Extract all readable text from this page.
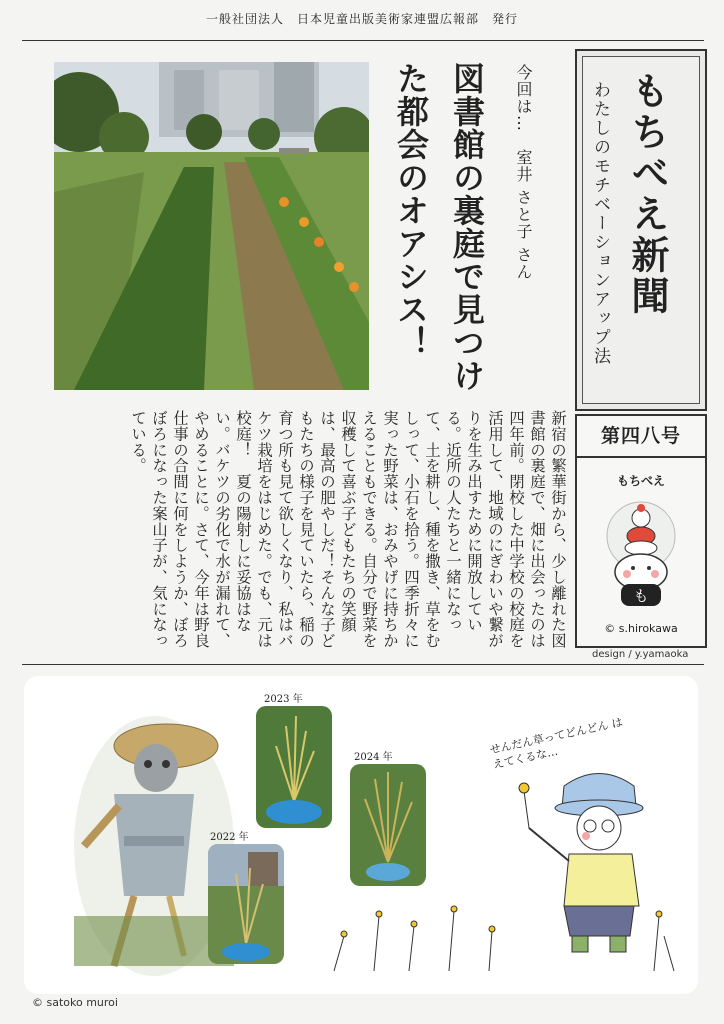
一般社団法人　日本児童出版美術家連盟広報部　発行
今回は…　室井 さと子 さん
図書館の裏庭で見つけた都会のオアシス！	もちべえ新聞
わたしのモチベーションアップ法
第四八号
もちべえ
も
© s.hirokawa
design / y.yamaoka
新宿の繁華街から、少し離れた図書館の裏庭で、畑に出会ったのは四年前。閉校した中学校の校庭を活用して、地域のにぎわいや繋がりを生み出すために開放している。近所の人たちと一緒になって、土を耕し、種を撒き、草をむしって、小石を拾う。四季折々に実った野菜は、おみやげに持ちかえることもできる。自分で野菜を収穫して喜ぶ子どもたちの笑顔は、最高の肥やしだ！そんな子どもたちの様子を見ていたら、稲の育つ所も見て欲しくなり、私はバケツ栽培をはじめた。でも、元は校庭！　夏の陽射しに妥協はない。バケツの劣化で水が漏れて、やめることに。さて、今年は野良仕事の合間に何をしようか、ぼろぼろになった案山子が、気になっている。
2023 年
2024 年
2022 年
せんだん草ってどんどん はえてくるな…
© satoko muroi
